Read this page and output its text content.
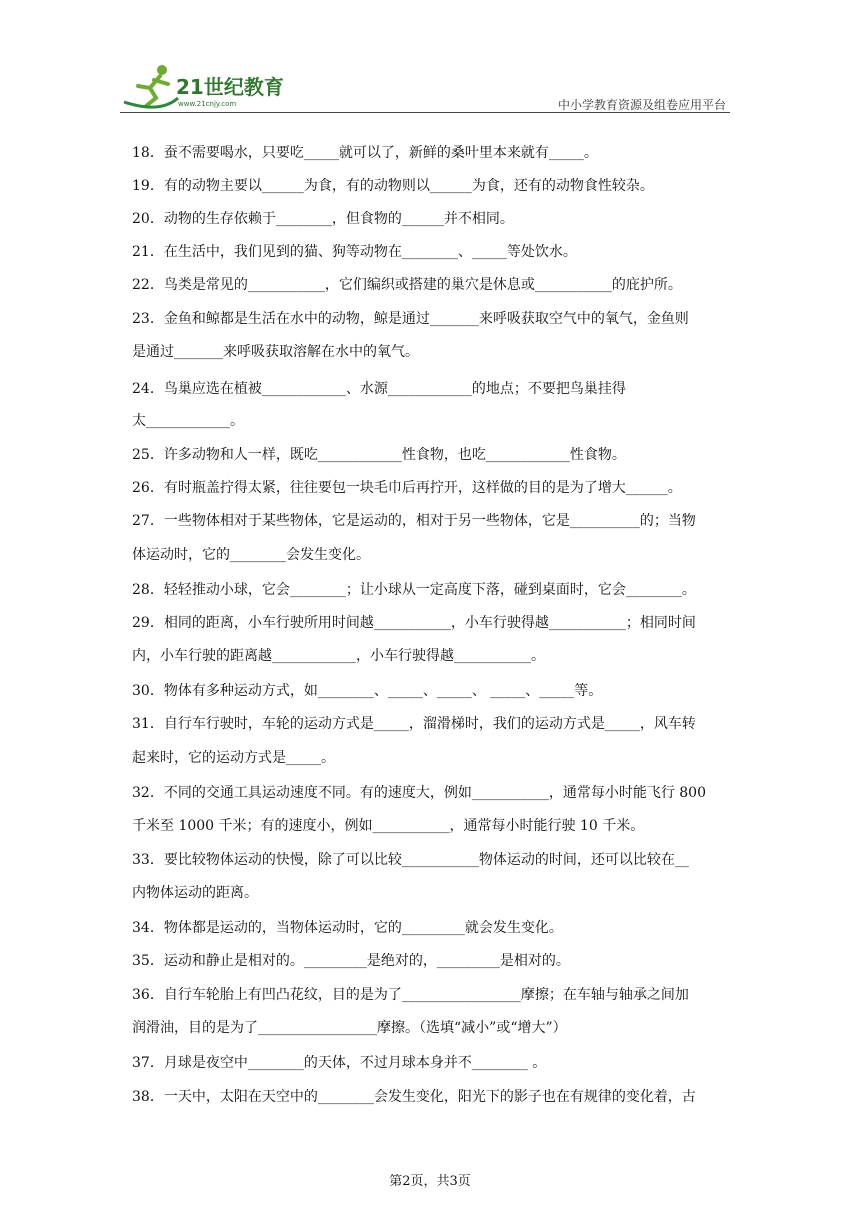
21世纪教育
www.21cnjy.com	中小学教育资源及组卷应用平台
18．蚕不需要喝水，只要吃_____就可以了，新鲜的桑叶里本来就有_____。
19．有的动物主要以______为食，有的动物则以______为食，还有的动物食性较杂。
20．动物的生存依赖于________，但食物的______并不相同。
21．在生活中，我们见到的猫、狗等动物在________、_____等处饮水。
22．鸟类是常见的___________，它们编织或搭建的巢穴是休息或___________的庇护所。
23．金鱼和鲸都是生活在水中的动物，鲸是通过_______来呼吸获取空气中的氧气，金鱼则
是通过_______来呼吸获取溶解在水中的氧气。
24．鸟巢应选在植被____________、水源____________的地点；不要把鸟巢挂得
太____________。
25．许多动物和人一样，既吃____________性食物，也吃____________性食物。
26．有时瓶盖拧得太紧，往往要包一块毛巾后再拧开，这样做的目的是为了增大______。
27．一些物体相对于某些物体，它是运动的，相对于另一些物体，它是__________的；当物
体运动时，它的________会发生变化。
28．轻轻推动小球，它会________；让小球从一定高度下落，碰到桌面时，它会________。
29．相同的距离，小车行驶所用时间越___________，小车行驶得越___________；相同时间
内，小车行驶的距离越____________，小车行驶得越___________。
30．物体有多种运动方式，如________、_____、_____、 _____、_____等。
31．自行车行驶时，车轮的运动方式是_____，溜滑梯时，我们的运动方式是_____，风车转
起来时，它的运动方式是_____。
32．不同的交通工具运动速度不同。有的速度大，例如___________，通常每小时能飞行 800
千米至 1000 千米；有的速度小，例如___________，通常每小时能行驶 10 千米。
33．要比较物体运动的快慢，除了可以比较___________物体运动的时间，还可以比较在__
内物体运动的距离。
34．物体都是运动的，当物体运动时，它的_________就会发生变化。
35．运动和静止是相对的。_________是绝对的，_________是相对的。
36．自行车轮胎上有凹凸花纹，目的是为了_________________摩擦；在车轴与轴承之间加
润滑油，目的是为了_________________摩擦。（选填“减小”或“增大”）
37．月球是夜空中________的天体，不过月球本身并不________ 。
38．一天中，太阳在天空中的________会发生变化，阳光下的影子也在有规律的变化着，古
第2页，共3页
